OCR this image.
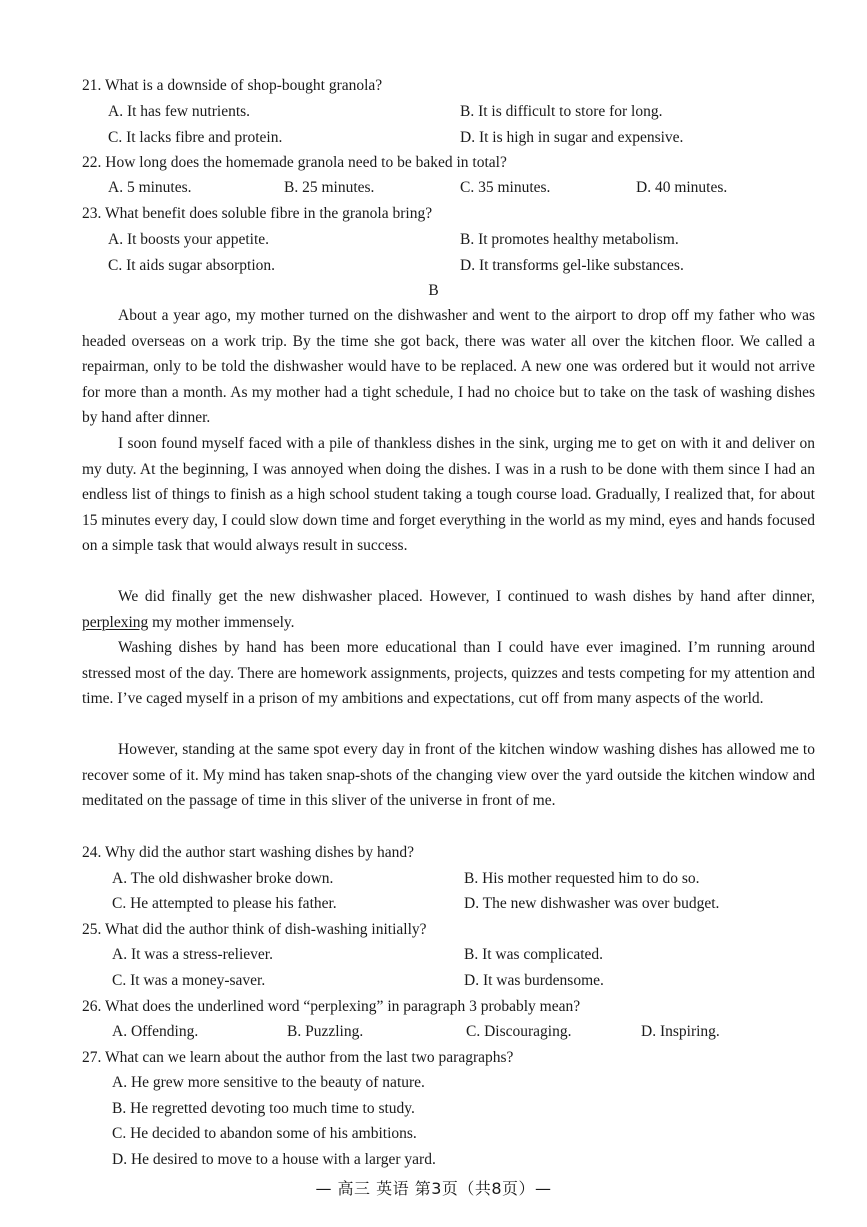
21. What is a downside of shop-bought granola?
A. It has few nutrients.	B. It is difficult to store for long.
C. It lacks fibre and protein.	D. It is high in sugar and expensive.
22. How long does the homemade granola need to be baked in total?
A. 5 minutes.	B. 25 minutes.	C. 35 minutes.	D. 40 minutes.
23. What benefit does soluble fibre in the granola bring?
A. It boosts your appetite.	B. It promotes healthy metabolism.
C. It aids sugar absorption.	D. It transforms gel-like substances.
B
About a year ago, my mother turned on the dishwasher and went to the airport to drop off my father who was headed overseas on a work trip. By the time she got back, there was water all over the kitchen floor. We called a repairman, only to be told the dishwasher would have to be replaced. A new one was ordered but it would not arrive for more than a month. As my mother had a tight schedule, I had no choice but to take on the task of washing dishes by hand after dinner.
I soon found myself faced with a pile of thankless dishes in the sink, urging me to get on with it and deliver on my duty. At the beginning, I was annoyed when doing the dishes. I was in a rush to be done with them since I had an endless list of things to finish as a high school student taking a tough course load. Gradually, I realized that, for about 15 minutes every day, I could slow down time and forget everything in the world as my mind, eyes and hands focused on a simple task that would always result in success.
We did finally get the new dishwasher placed. However, I continued to wash dishes by hand after dinner, perplexing my mother immensely.
Washing dishes by hand has been more educational than I could have ever imagined. I’m running around stressed most of the day. There are homework assignments, projects, quizzes and tests competing for my attention and time. I’ve caged myself in a prison of my ambitions and expectations, cut off from many aspects of the world.
However, standing at the same spot every day in front of the kitchen window washing dishes has allowed me to recover some of it. My mind has taken snap-shots of the changing view over the yard outside the kitchen window and meditated on the passage of time in this sliver of the universe in front of me.
24. Why did the author start washing dishes by hand?
A. The old dishwasher broke down.	B. His mother requested him to do so.
C. He attempted to please his father.	D. The new dishwasher was over budget.
25. What did the author think of dish-washing initially?
A. It was a stress-reliever.	B. It was complicated.
C. It was a money-saver.	D. It was burdensome.
26. What does the underlined word “perplexing” in paragraph 3 probably mean?
A. Offending.	B. Puzzling.	C. Discouraging.	D. Inspiring.
27. What can we learn about the author from the last two paragraphs?
A. He grew more sensitive to the beauty of nature.
B. He regretted devoting too much time to study.
C. He decided to abandon some of his ambitions.
D. He desired to move to a house with a larger yard.
— 高三 英语 第3页（共8页）—
